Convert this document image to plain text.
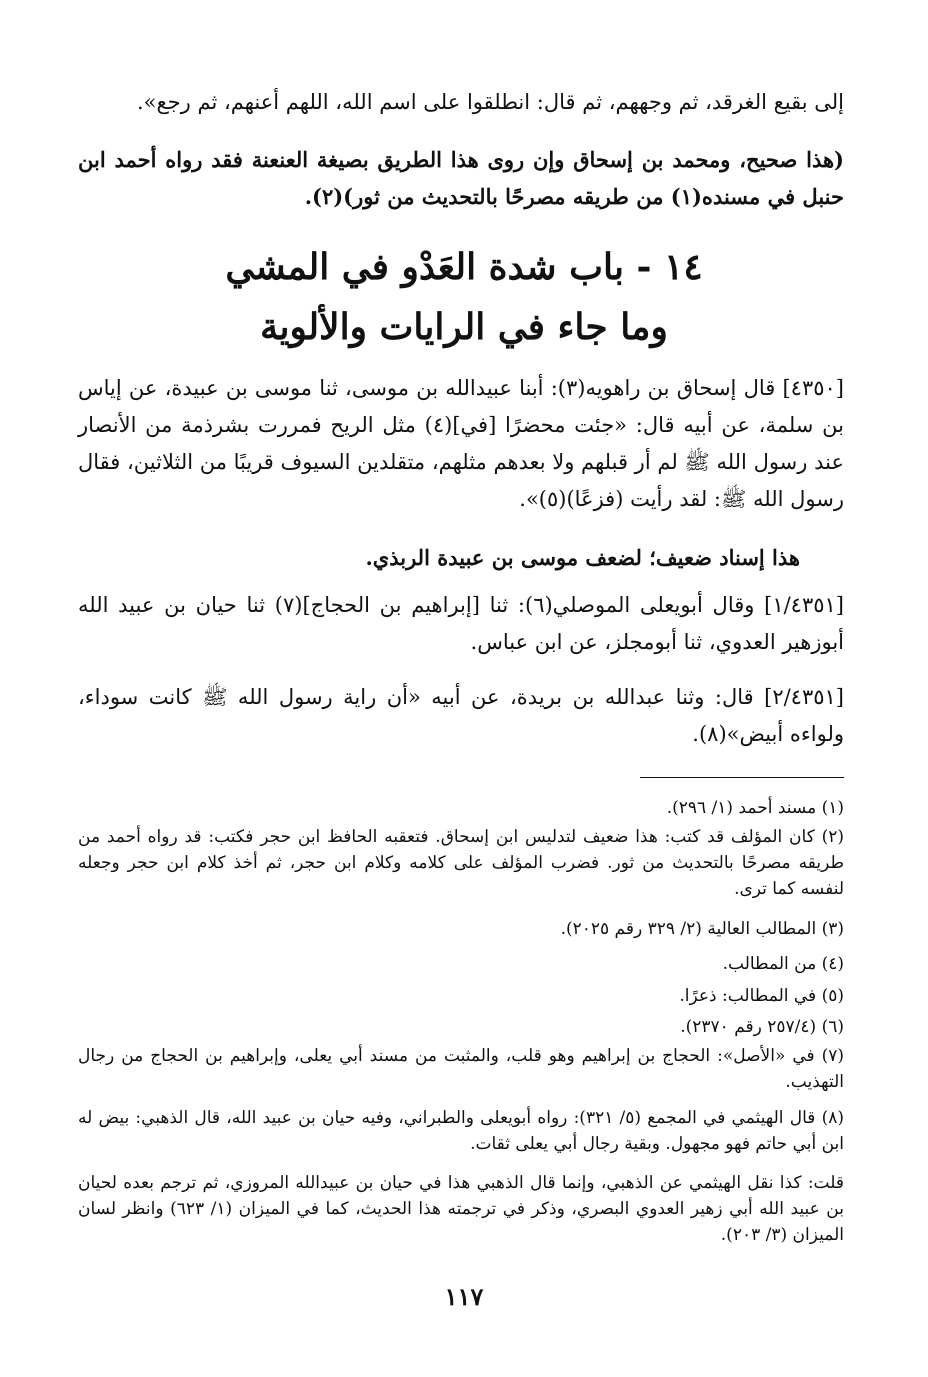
إلى بقيع الغرقد، ثم وجههم، ثم قال: انطلقوا على اسم الله، اللهم أعنهم، ثم رجع».

(هذا صحيح، ومحمد بن إسحاق وإن روى هذا الطريق بصيغة العنعنة فقد رواه أحمد ابن حنبل في مسنده(١) من طريقه مصرحًا بالتحديث من ثور)(٢).

١٤ - باب شدة العَدْو في المشي
وما جاء في الرايات والألوية

[٤٣٥٠] قال إسحاق بن راهويه(٣): أبنا عبيدالله بن موسى، ثنا موسى بن عبيدة، عن إياس بن سلمة، عن أبيه قال: «جئت محضرًا [في](٤) مثل الريح فمررت بشرذمة من الأنصار عند رسول الله ﷺ لم أر قبلهم ولا بعدهم مثلهم، متقلدين السيوف قريبًا من الثلاثين، فقال رسول الله ﷺ: لقد رأيت (فزعًا)(٥)».

هذا إسناد ضعيف؛ لضعف موسى بن عبيدة الربذي.

[١/٤٣٥١] وقال أبويعلى الموصلي(٦): ثنا [إبراهيم بن الحجاج](٧) ثنا حيان بن عبيد الله أبوزهير العدوي، ثنا أبومجلز، عن ابن عباس.

[٢/٤٣٥١] قال: وثنا عبدالله بن بريدة، عن أبيه «أن راية رسول الله ﷺ كانت سوداء، ولواءه أبيض»(٨).

(١) مسند أحمد (١/ ٢٩٦).

(٢) كان المؤلف قد كتب: هذا ضعيف لتدليس ابن إسحاق. فتعقبه الحافظ ابن حجر فكتب: قد رواه أحمد من طريقه مصرحًا بالتحديث من ثور. فضرب المؤلف على كلامه وكلام ابن حجر، ثم أخذ كلام ابن حجر وجعله لنفسه كما ترى.

(٣) المطالب العالية (٢/ ٣٢٩ رقم ٢٠٢٥).

(٤) من المطالب.

(٥) في المطالب: ذعرًا.

(٦) (٢٥٧/٤ رقم ٢٣٧٠).

(٧) في «الأصل»: الحجاج بن إبراهيم وهو قلب، والمثبت من مسند أبي يعلى، وإبراهيم بن الحجاج من رجال التهذيب.

(٨) قال الهيثمي في المجمع (٥/ ٣٢١): رواه أبويعلى والطبراني، وفيه حيان بن عبيد الله، قال الذهبي: بيض له ابن أبي حاتم فهو مجهول. وبقية رجال أبي يعلى ثقات.

قلت: كذا نقل الهيثمي عن الذهبي، وإنما قال الذهبي هذا في حيان بن عبيدالله المروزي، ثم ترجم بعده لحيان بن عبيد الله أبي زهير العدوي البصري، وذكر في ترجمته هذا الحديث، كما في الميزان (١/ ٦٢٣) وانظر لسان الميزان (٣/ ٢٠٣).

١١٧
